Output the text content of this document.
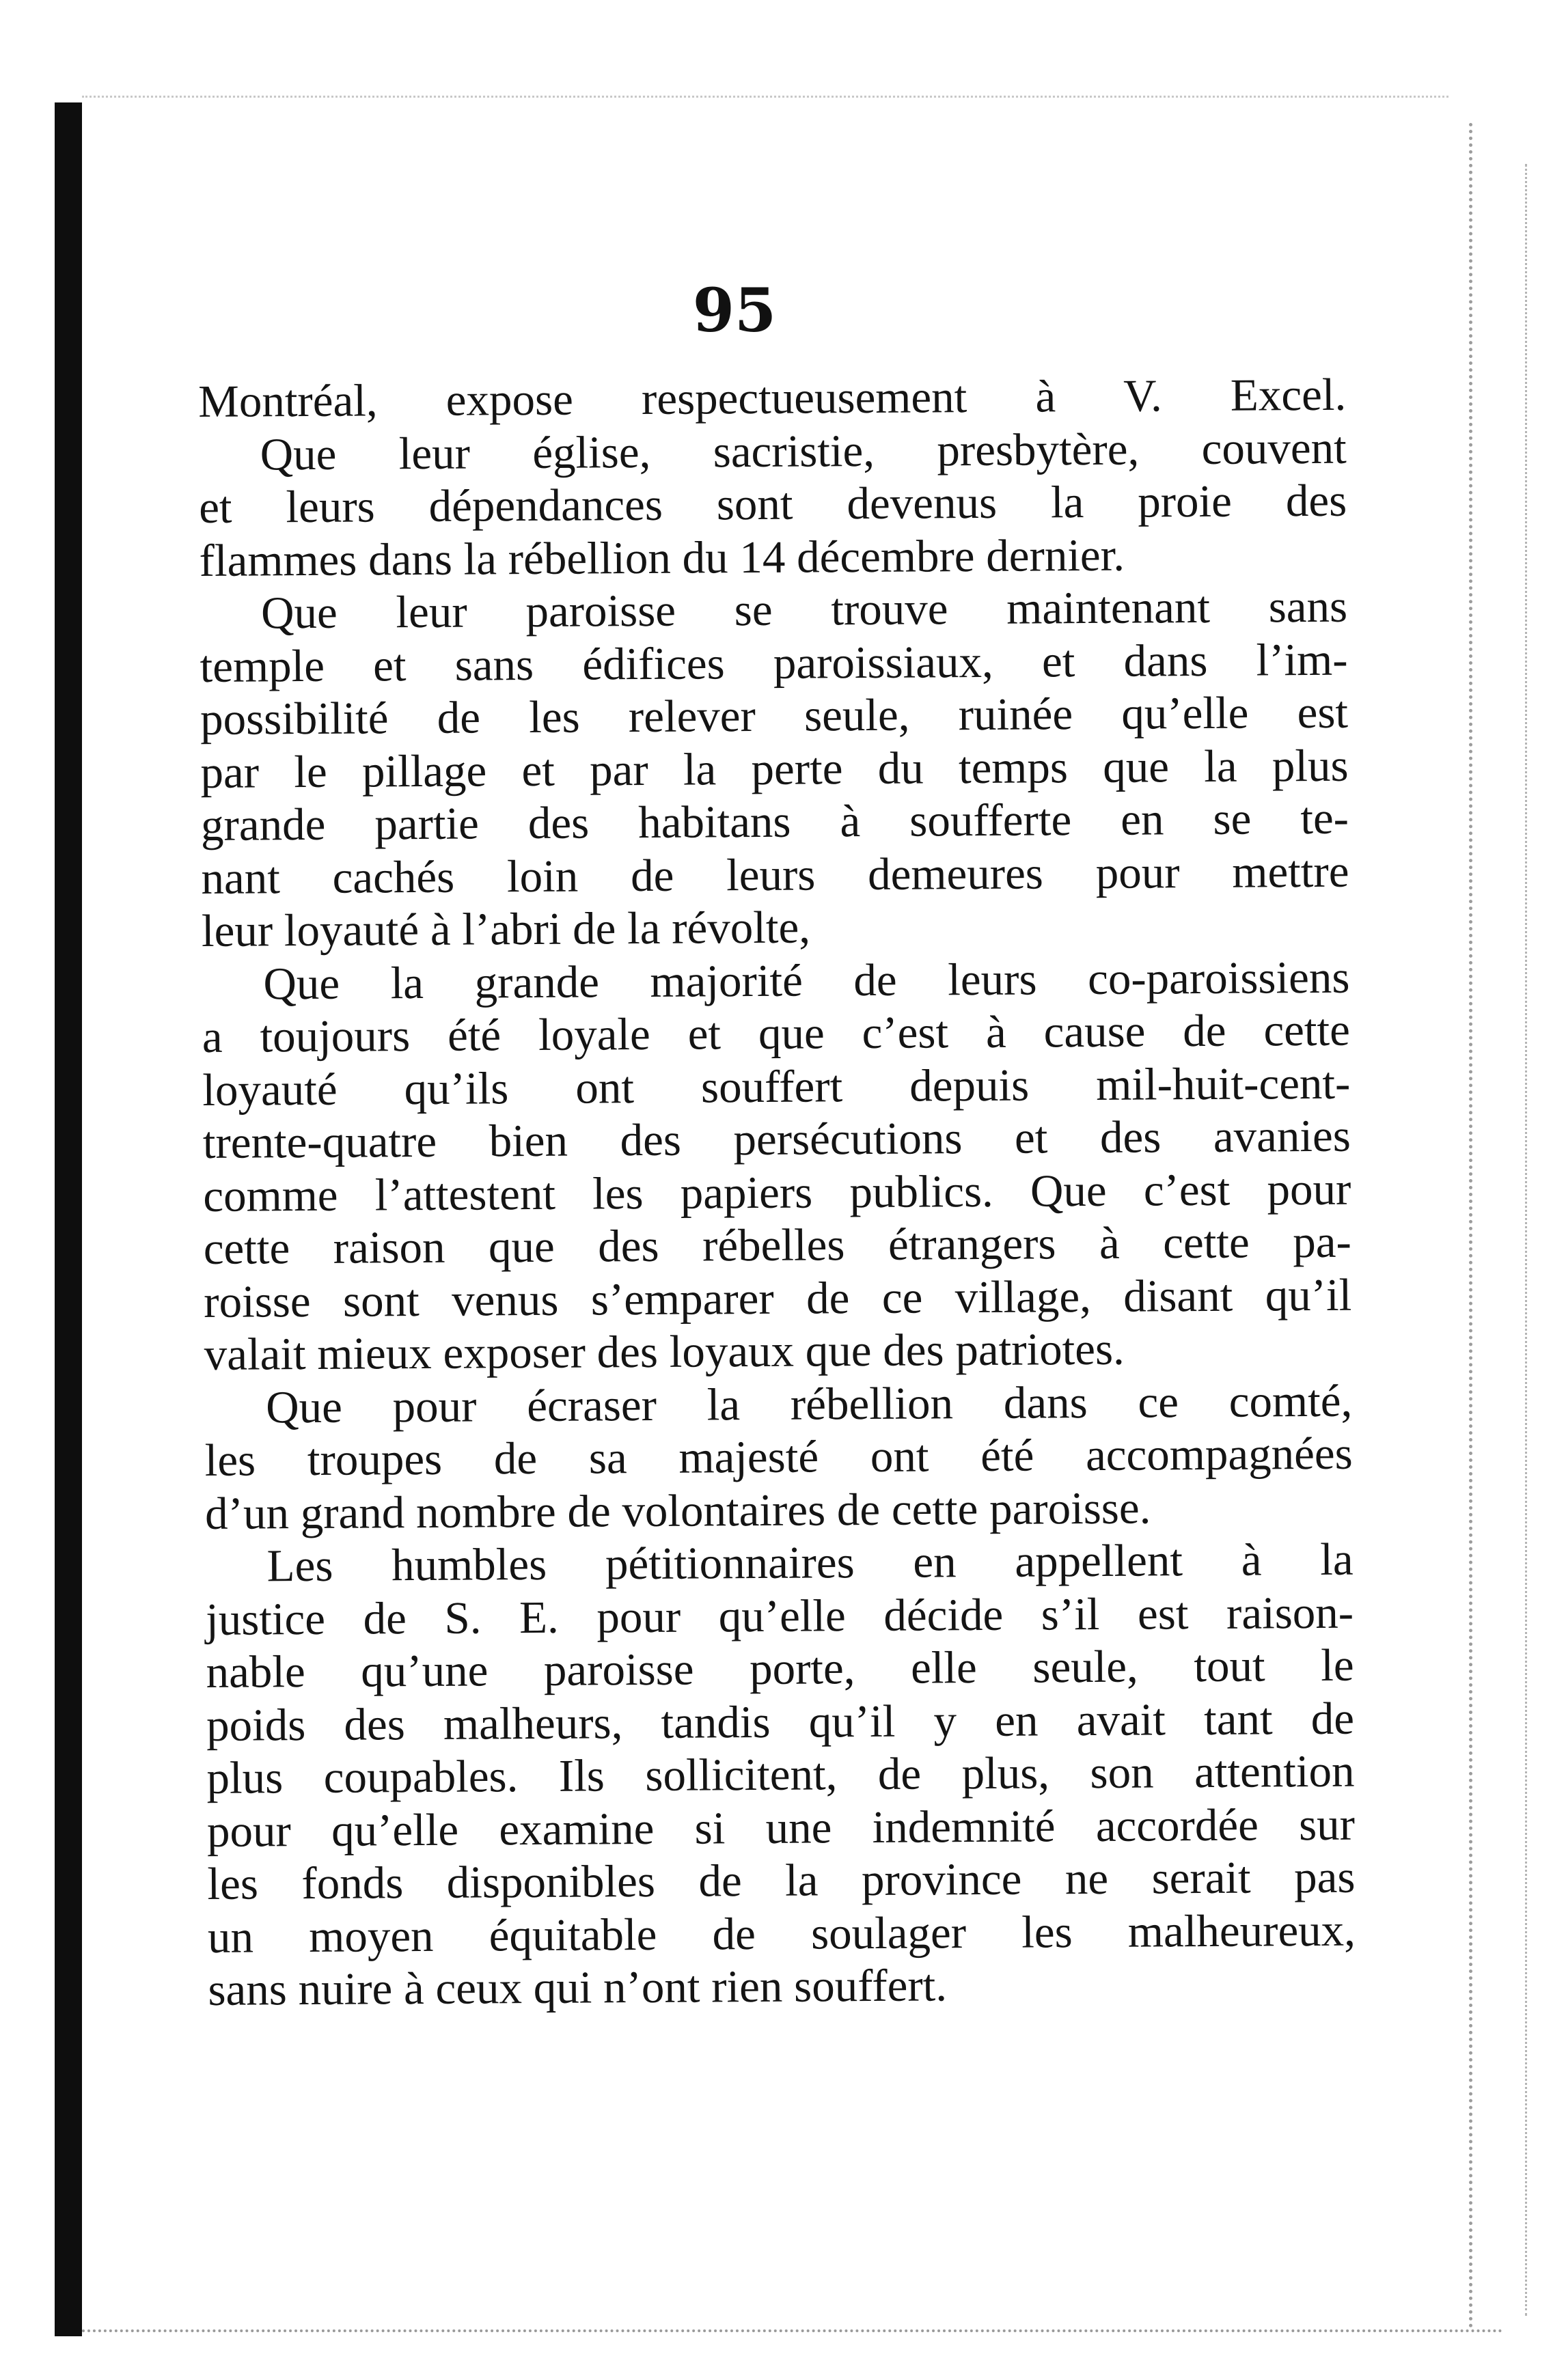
95
Montréal, expose respectueusement à V. Excel.
Que leur église, sacristie, presbytère, couvent
et leurs dépendances sont devenus la proie des
flammes dans la rébellion du 14 décembre dernier.
Que leur paroisse se trouve maintenant sans
temple et sans édifices paroissiaux, et dans l’im-
possibilité de les relever seule, ruinée qu’elle est
par le pillage et par la perte du temps que la plus
grande partie des habitans à soufferte en se te-
nant cachés loin de leurs demeures pour mettre
leur loyauté à l’abri de la révolte,
Que la grande majorité de leurs co-paroissiens
a toujours été loyale et que c’est à cause de cette
loyauté qu’ils ont souffert depuis mil-huit-cent-
trente-quatre bien des persécutions et des avanies
comme l’attestent les papiers publics. Que c’est pour
cette raison que des rébelles étrangers à cette pa-
roisse sont venus s’emparer de ce village, disant qu’il
valait mieux exposer des loyaux que des patriotes.
Que pour écraser la rébellion dans ce comté,
les troupes de sa majesté ont été accompagnées
d’un grand nombre de volontaires de cette paroisse.
Les humbles pétitionnaires en appellent à la
justice de S. E. pour qu’elle décide s’il est raison-
nable qu’une paroisse porte, elle seule, tout le
poids des malheurs, tandis qu’il y en avait tant de
plus coupables. Ils sollicitent, de plus, son attention
pour qu’elle examine si une indemnité accordée sur
les fonds disponibles de la province ne serait pas
un moyen équitable de soulager les malheureux,
sans nuire à ceux qui n’ont rien souffert.
